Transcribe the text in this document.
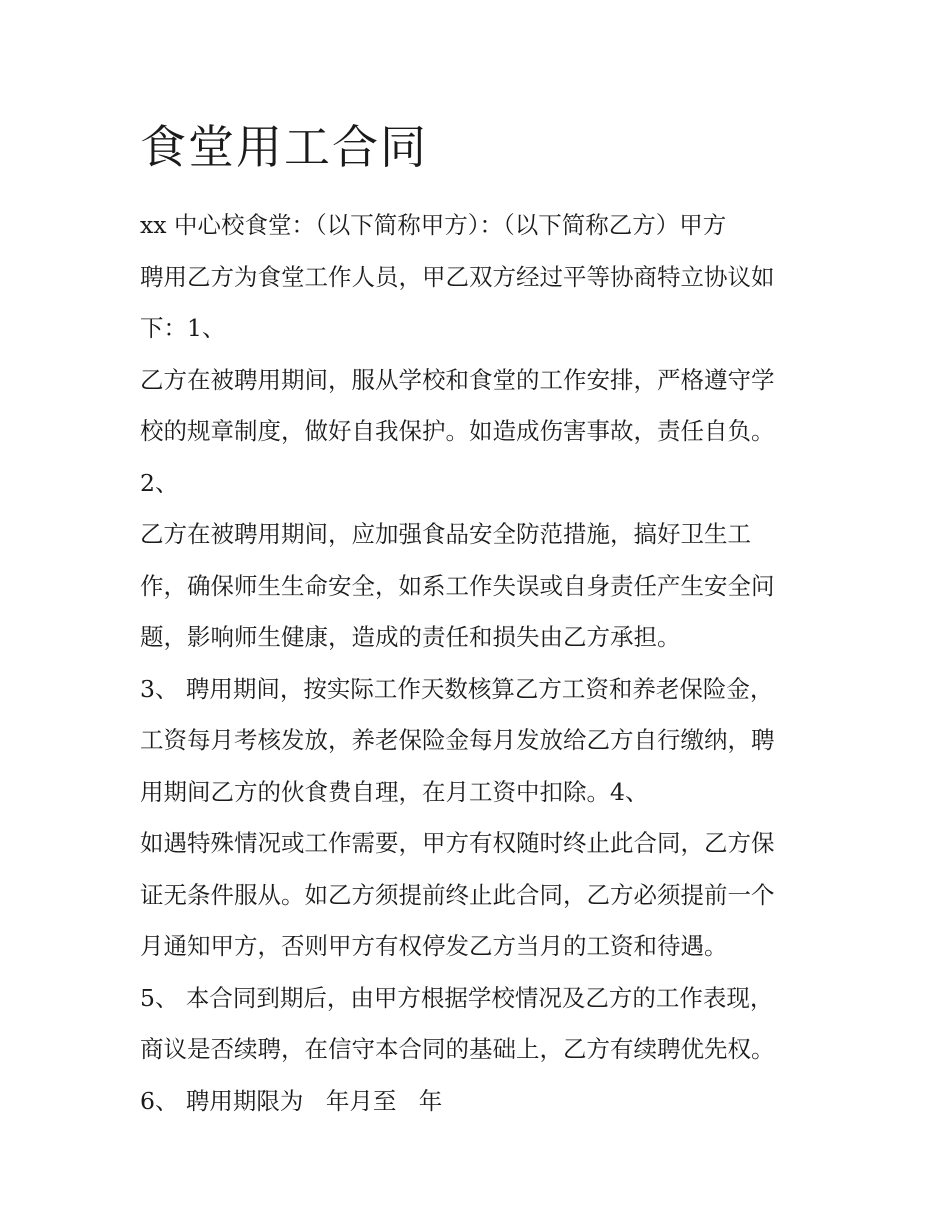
食堂用工合同

xx 中心校食堂：（以下简称甲方）：（以下简称乙方）甲方

聘用乙方为食堂工作人员，甲乙双方经过平等协商特立协议如

下：1、

乙方在被聘用期间，服从学校和食堂的工作安排，严格遵守学

校的规章制度，做好自我保护。如造成伤害事故，责任自负。

2、

乙方在被聘用期间，应加强食品安全防范措施，搞好卫生工

作，确保师生生命安全，如系工作失误或自身责任产生安全问

题，影响师生健康，造成的责任和损失由乙方承担。

3、 聘用期间，按实际工作天数核算乙方工资和养老保险金，

工资每月考核发放，养老保险金每月发放给乙方自行缴纳，聘

用期间乙方的伙食费自理，在月工资中扣除。4、

如遇特殊情况或工作需要，甲方有权随时终止此合同，乙方保

证无条件服从。如乙方须提前终止此合同，乙方必须提前一个

月通知甲方，否则甲方有权停发乙方当月的工资和待遇。

5、 本合同到期后，由甲方根据学校情况及乙方的工作表现，

商议是否续聘，在信守本合同的基础上，乙方有续聘优先权。

6、 聘用期限为   年月至   年
